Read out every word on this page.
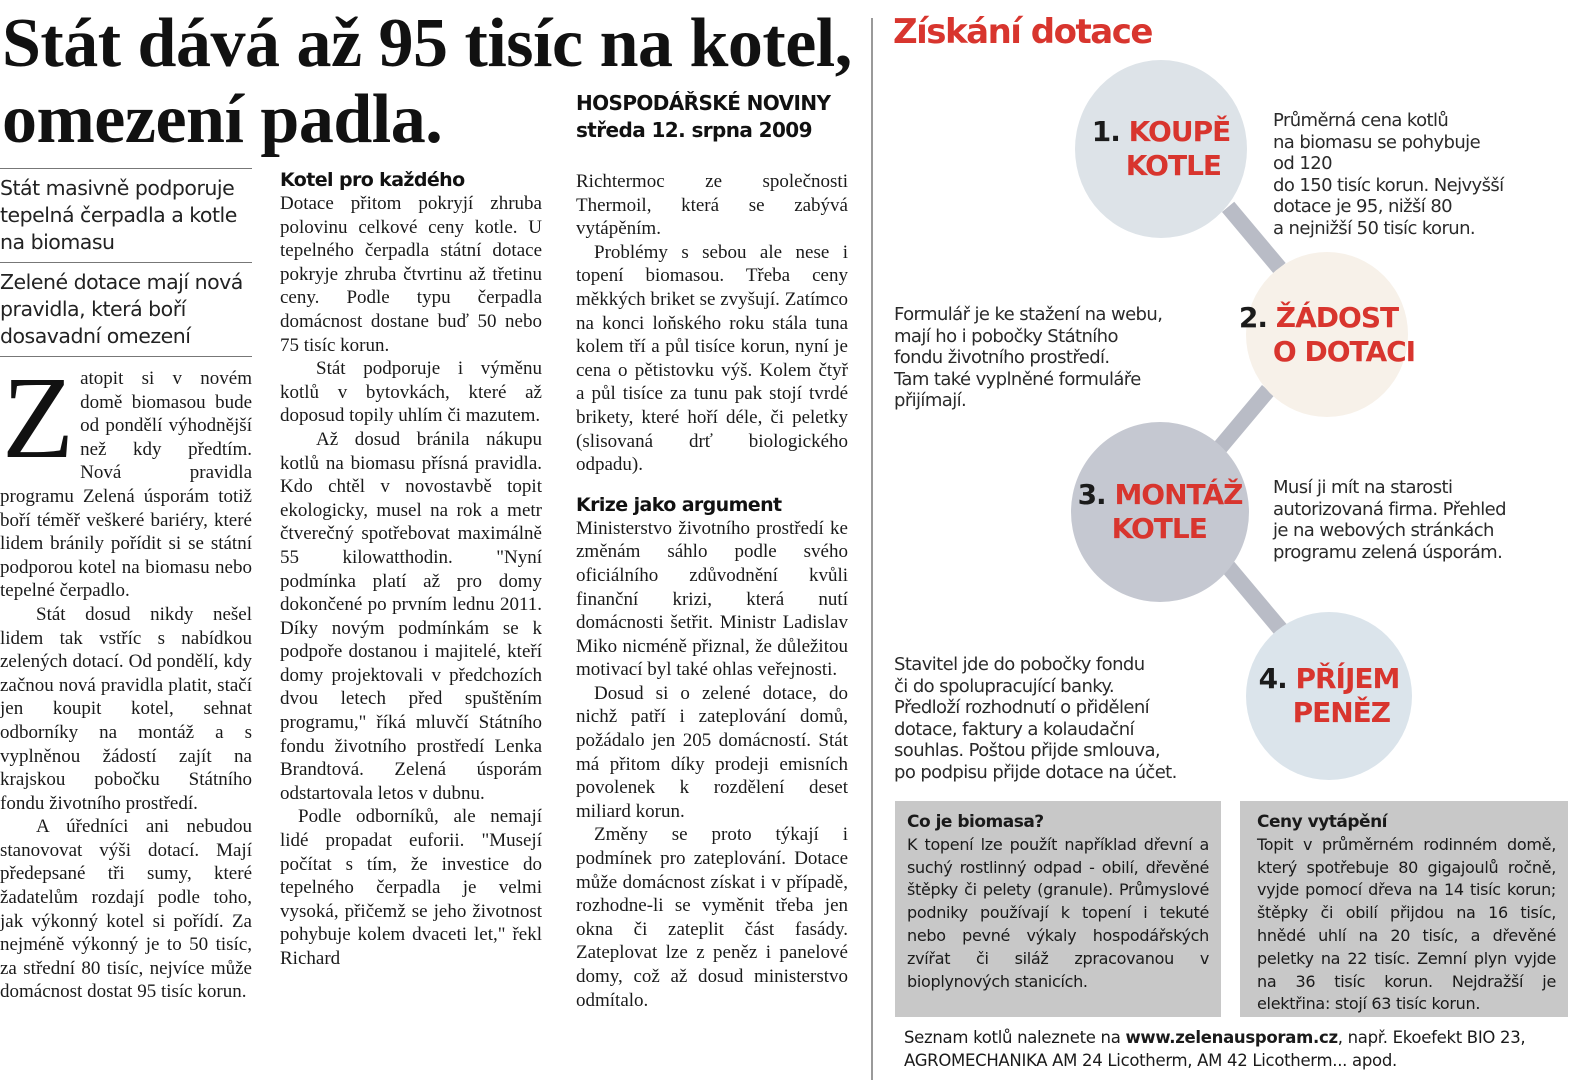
Stát dává až 95 tisíc na kotel,
omezení padla.	HOSPODÁŘSKÉ NOVINY
středa 12. srpna 2009
Stát masivně podporuje tepelná čerpadla a kotle na biomasu
Zelené dotace mají nová pravidla, která boří dosavadní omezení

Zatopit si v novém domě biomasou bude od pondělí výhodnější než kdy předtím. Nová pravidla programu Zelená úsporám totiž boří téměř veškeré bariéry, které lidem bránily pořídit si se státní podporou kotel na biomasu nebo tepelné čerpadlo.

Stát dosud nikdy nešel lidem tak vstříc s nabídkou zelených dotací. Od pondělí, kdy začnou nová pravidla platit, stačí jen koupit kotel, sehnat odborníky na montáž a s vyplněnou žádostí zajít na krajskou pobočku Státního fondu životního prostředí.

A úředníci ani nebudou stanovovat výši dotací. Mají předepsané tři sumy, které žadatelům rozdají podle toho, jak výkonný kotel si pořídí. Za nejméně výkonný je to 50 tisíc, za střední 80 tisíc, nejvíce může domácnost dostat 95 tisíc korun.

Kotel pro každého

Dotace přitom pokryjí zhruba polovinu celkové ceny kotle. U tepelného čerpadla státní dotace pokryje zhruba čtvrtinu až třetinu ceny. Podle typu čerpadla domácnost dostane buď 50 nebo 75 tisíc korun.

Stát podporuje i výměnu kotlů v bytovkách, které až doposud topily uhlím či mazutem.

Až dosud bránila nákupu kotlů na biomasu přísná pravidla. Kdo chtěl v novostavbě topit ekologicky, musel na rok a metr čtverečný spotřebovat maximálně 55 kilowatthodin. "Nyní podmínka platí až pro domy dokončené po prvním lednu 2011. Díky novým podmínkám se k podpoře dostanou i majitelé, kteří domy projektovali v předchozích dvou letech před spuštěním programu," říká mluvčí Státního fondu životního prostředí Lenka Brandtová. Zelená úsporám odstartovala letos v dubnu.

Podle odborníků, ale nemají lidé propadat euforii. "Musejí počítat s tím, že investice do tepelného čerpadla je velmi vysoká, přičemž se jeho životnost pohybuje kolem dvaceti let," řekl Richard

Richtermoc ze společnosti Thermoil, která se zabývá vytápěním.

Problémy s sebou ale nese i topení biomasou. Třeba ceny měkkých briket se zvyšují. Zatímco na konci loňského roku stála tuna kolem tří a půl tisíce korun, nyní je cena o pětistovku výš. Kolem čtyř a půl tisíce za tunu pak stojí tvrdé brikety, které hoří déle, či peletky (slisovaná drť biologického odpadu).

Krize jako argument

Ministerstvo životního prostředí ke změnám sáhlo podle svého oficiálního zdůvodnění kvůli finanční krizi, která nutí domácnosti šetřit. Ministr Ladislav Miko nicméně přiznal, že důležitou motivací byl také ohlas veřejnosti.

Dosud si o zelené dotace, do nichž patří i zateplování domů, požádalo jen 205 domácností. Stát má přitom díky prodeji emisních povolenek k rozdělení deset miliard korun.

Změny se proto týkají i podmínek pro zateplování. Dotace může domácnost získat i v případě, rozhodne-li se vyměnit třeba jen okna či zateplit část fasády. Zateplovat lze z peněz i panelové domy, což až dosud ministerstvo odmítalo.

Získání dotace
1. KOUPĚ
KOTLE
2. ŽÁDOST
O DOTACI
3. MONTÁŽ
KOTLE
4. PŘÍJEM
PENĚZ
Průměrná cena kotlů
na biomasu se pohybuje
od 120
do 150 tisíc korun. Nejvyšší
dotace je 95, nižší 80
a nejnižší 50 tisíc korun.
Formulář je ke stažení na webu,
mají ho i pobočky Státního
fondu životního prostředí.
Tam také vyplněné formuláře
přijímají.
Musí ji mít na starosti
autorizovaná firma. Přehled
je na webových stránkách
programu zelená úsporám.
Stavitel jde do pobočky fondu
či do spolupracující banky.
Předloží rozhodnutí o přidělení
dotace, faktury a kolaudační
souhlas. Poštou přijde smlouva,
po podpisu přijde dotace na účet.
Co je biomasa?
K topení lze použít například dřevní a suchý rostlinný odpad - obilí, dřevěné štěpky či pelety (granule). Průmyslové podniky používají k topení i tekuté nebo pevné výkaly hospodářských zvířat či siláž zpracovanou v bioplynových stanicích.
Ceny vytápění
Topit v průměrném rodinném domě, který spotřebuje 80 gigajoulů ročně, vyjde pomocí dřeva na 14 tisíc korun; štěpky či obilí přijdou na 16 tisíc, hnědé uhlí na 20 tisíc, a dřevěné peletky na 22 tisíc. Zemní plyn vyjde na 36 tisíc korun. Nejdražší je elektřina: stojí 63 tisíc korun.
Seznam kotlů naleznete na www.zelenausporam.cz, např. Ekoefekt BIO 23, AGROMECHANIKA AM 24 Licotherm, AM 42 Licotherm... apod.
